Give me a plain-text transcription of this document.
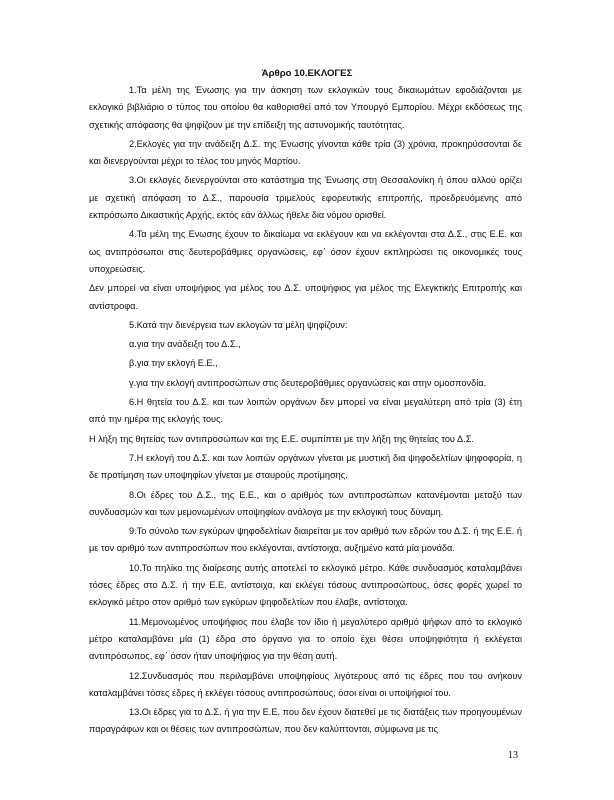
Άρθρο 10.ΕΚΛΟΓΕΣ

1.Τα μέλη της Ένωσης για την άσκηση των εκλογικών τους δικαιωμάτων εφοδιάζονται με εκλογικό βιβλιάριο ο τύπος του οποίου θα καθορισθεί από τον Υπουργό Εμπορίου. Μέχρι εκδόσεως της σχετικής απόφασης θα ψηφίζουν με την επίδειξη της αστυνομικής ταυτότητας.

2.Εκλογές για την ανάδειξη Δ.Σ. της Ένωσης γίνονται κάθε τρία (3) χρόνια, προκηρύσσονται δε και διενεργούνται μέχρι το τέλος του μηνός Μαρτίου.

3.Οι εκλογές διενεργούνται στο κατάστημα της Ένωσης στη Θεσσαλονίκη ή όπου αλλού ορίζει με σχετική απόφαση το Δ.Σ., παρουσία τριμελούς εφορευτικής επιτροπής, προεδρευόμενης από εκπρόσωπο Δικαστικής Αρχής, εκτός εάν άλλως ήθελε δια νόμου ορισθεί.

4.Τα μέλη της Ενωσης έχουν το δικαίωμα να εκλέγουν και να εκλέγονται στα Δ.Σ., στις Ε.Ε. και ως αντιπρόσωποι στις δευτεροβάθμιες οργανώσεις, εφ΄ όσον έχουν εκπληρώσει τις οικονομικές τους υποχρεώσεις.

Δεν μπορεί να είναι υποψήφιος για μέλος του Δ.Σ. υποψήφιος για μέλος της Ελεγκτικής Επιτροπής και αντίστροφα.

5.Κατά την διενέργεια των εκλογών τα μέλη ψηφίζουν:

α.για την ανάδειξη του Δ.Σ.,

β.για την εκλογή Ε.Ε.,

γ.για την εκλογή αντιπροσώπων στις δευτεροβάθμιες οργανώσεις και στην ομοσπονδία.

6.Η θητεία του Δ.Σ. και των λοιπών οργάνων δεν μπορεί να είναι μεγαλύτερη από τρία (3) έτη από την ημέρα της εκλογής τους.

Η λήξη της θητείας των αντιπροσώπων και της Ε.Ε. συμπίπτει με την λήξη της θητείας του Δ.Σ.

7.Η εκλογή του Δ.Σ. και των λοιπών οργάνων γίνεται με μυστική δια ψηφοδελτίων ψηφοφορία, η δε προτίμηση των υποψηφίων γίνεται με σταυρούς προτίμησης.

8.Οι έδρες του Δ.Σ., της Ε.Ε., και ο αριθμός των αντιπροσώπων κατανέμονται μεταξύ των συνδυασμών και των μεμονωμένων υποψηφίων ανάλογα με την εκλογική τους δύναμη.

9.Το σύνολο των εγκύρων ψηφοδελτίων διαιρείται με τον αριθμό των εδρών του Δ.Σ. ή της Ε.Ε. ή με τον αριθμό των αντιπροσώπων που εκλέγονται, αντίστοιχα, αυξημένο κατά μία μονάδα.

10.Το πηλίκο της διαίρεσης αυτής αποτελεί το εκλογικό μέτρο. Κάθε συνδυασμός καταλαμβάνει τόσες έδρες στο Δ.Σ. ή την Ε.Ε. αντίστοιχα, και εκλέγει τόσους αντιπροσώπους, όσες φορές χωρεί το εκλογικό μέτρο στον αριθμό των εγκύρων ψηφοδελτίων που έλαβε, αντίστοιχα.

11.Μεμονωμένος υποψήφιος που έλαβε τον ίδιο ή μεγαλύτερο αριθμό ψήφων από το εκλογικό μέτρο καταλαμβάνει μία (1) έδρα στο όργανο για το οποίο έχει θέσει υποψηφιότητα ή εκλέγεται αντιπρόσωπος, εφ΄ όσον ήταν υποψήφιος για την θέση αυτή.

12.Συνδυασμός που περιλαμβάνει υποψηφίους λιγότερους από τις έδρες που του ανήκουν καταλαμβάνει τόσες έδρες ή εκλέγει τόσους αντιπροσώπους, όσοι είναι οι υποψήφιοί του.

13.Οι έδρες για το Δ.Σ. ή για την Ε.Ε. που δεν έχουν διατεθεί με τις διατάξεις των προηγουμένων παραγράφων και οι θέσεις των αντιπροσώπων, που δεν καλύπτονται, σύμφωνα με τις

13
